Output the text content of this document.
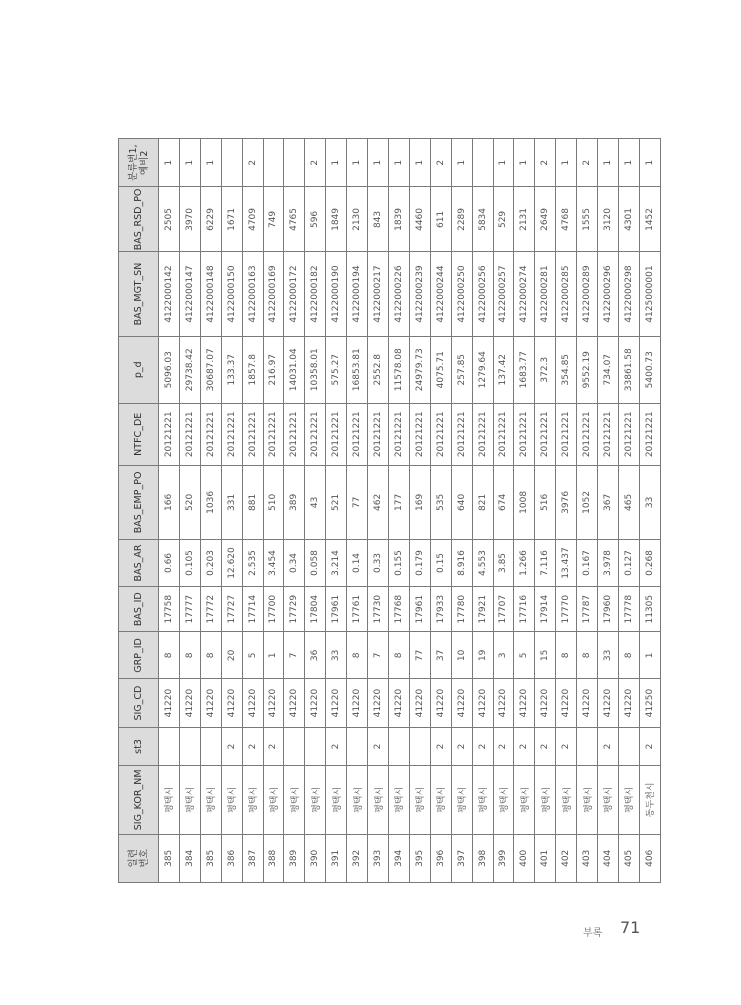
일련
번호	SIG_KOR_NM	st3	SIG_CD	GRP_ID	BAS_ID	BAS_AR	BAS_EMP_PO	NTFC_DE	p_d	BAS_MGT_SN	BAS_RSD_PO	분류번1,
예비2
385	평택시		41220	8	17758	0.66	166	20121221	5096.03	4122000142	2505	1
384	평택시		41220	8	17777	0.105	520	20121221	29738.42	4122000147	3970	1
385	평택시		41220	8	17772	0.203	1036	20121221	30687.07	4122000148	6229	1
386	평택시	2	41220	20	17727	12.620	331	20121221	133.37	4122000150	1671	
387	평택시	2	41220	5	17714	2.535	881	20121221	1857.8	4122000163	4709	2
388	평택시	2	41220	1	17700	3.454	510	20121221	216.97	4122000169	749	
389	평택시		41220	7	17729	0.34	389	20121221	14031.04	4122000172	4765	
390	평택시		41220	36	17804	0.058	43	20121221	10358.01	4122000182	596	2
391	평택시	2	41220	33	17961	3.214	521	20121221	575.27	4122000190	1849	1
392	평택시		41220	8	17761	0.14	77	20121221	16853.81	4122000194	2130	1
393	평택시	2	41220	7	17730	0.33	462	20121221	2552.8	4122000217	843	1
394	평택시		41220	8	17768	0.155	177	20121221	11578.08	4122000226	1839	1
395	평택시		41220	77	17961	0.179	169	20121221	24979.73	4122000239	4460	1
396	평택시	2	41220	37	17933	0.15	535	20121221	4075.71	4122000244	611	2
397	평택시	2	41220	10	17780	8.916	640	20121221	257.85	4122000250	2289	1
398	평택시	2	41220	19	17921	4.553	821	20121221	1279.64	4122000256	5834	
399	평택시	2	41220	3	17707	3.85	674	20121221	137.42	4122000257	529	1
400	평택시	2	41220	5	17716	1.266	1008	20121221	1683.77	4122000274	2131	1
401	평택시	2	41220	15	17914	7.116	516	20121221	372.3	4122000281	2649	2
402	평택시	2	41220	8	17770	13.437	3976	20121221	354.85	4122000285	4768	1
403	평택시		41220	8	17787	0.167	1052	20121221	9552.19	4122000289	1555	2
404	평택시	2	41220	33	17960	3.978	367	20121221	734.07	4122000296	3120	1
405	평택시		41220	8	17778	0.127	465	20121221	33861.58	4122000298	4301	1
406	동두천시	2	41250	1	11305	0.268	33	20121221	5400.73	4125000001	1452	1
부록 71
